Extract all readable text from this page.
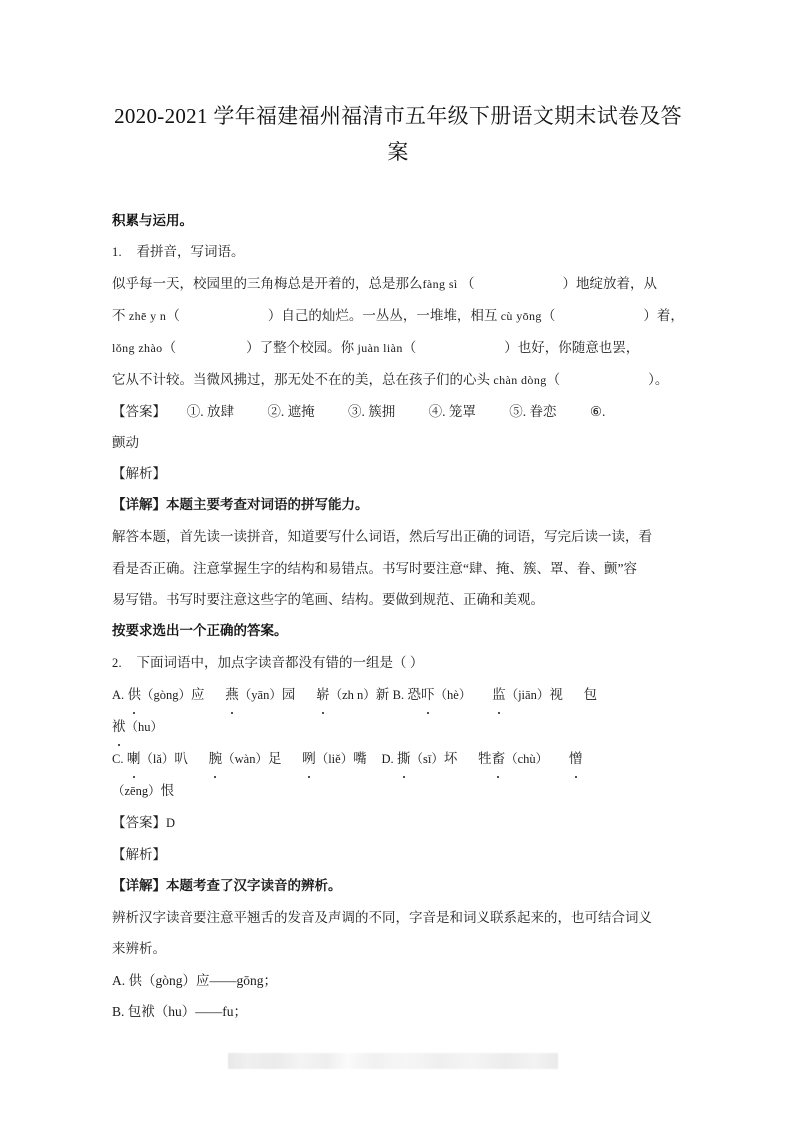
2020-2021 学年福建福州福清市五年级下册语文期末试卷及答案
积累与运用。

1. 看拼音，写词语。

似乎每一天，校园里的三角梅总是开着的，总是那么fàng sì （	）地绽放着，从

不 zhē y n（	）自己的灿烂。一丛丛，一堆堆，相互 cù yōng（	）着，

lǒng zhào（	）了整个校园。你 juàn liàn（	）也好，你随意也罢，

它从不计较。当微风拂过，那无处不在的美，总在孩子们的心头 chàn dòng（	）。

【答案】 ①. 放肆 ②. 遮掩 ③. 簇拥 ④. 笼罩 ⑤. 眷恋 ⑥.

颤动

【解析】

【详解】本题主要考查对词语的拼写能力。

解答本题，首先读一读拼音，知道要写什么词语，然后写出正确的词语，写完后读一读，看

看是否正确。注意掌握生字的结构和易错点。书写时要注意“肆、掩、簇、罩、眷、颤”容

易写错。书写时要注意这些字的笔画、结构。要做到规范、正确和美观。

按要求选出一个正确的答案。

2. 下面词语中，加点字读音都没有错的一组是（ ）

A. 供（gòng）应 燕（yān）园 崭（zh n）新 B. 恐吓（hè） 监（jiān）视 包

袱（hu）

C. 喇（lǎ）叭 腕（wàn）足 咧（liě）嘴 D. 撕（sī）坏 牲畜（chù） 憎

（zēng）恨

【答案】D

【解析】

【详解】本题考查了汉字读音的辨析。

辨析汉字读音要注意平翘舌的发音及声调的不同，字音是和词义联系起来的，也可结合词义

来辨析。

A. 供（gòng）应——gōng；

B. 包袱（hu）——fu；
